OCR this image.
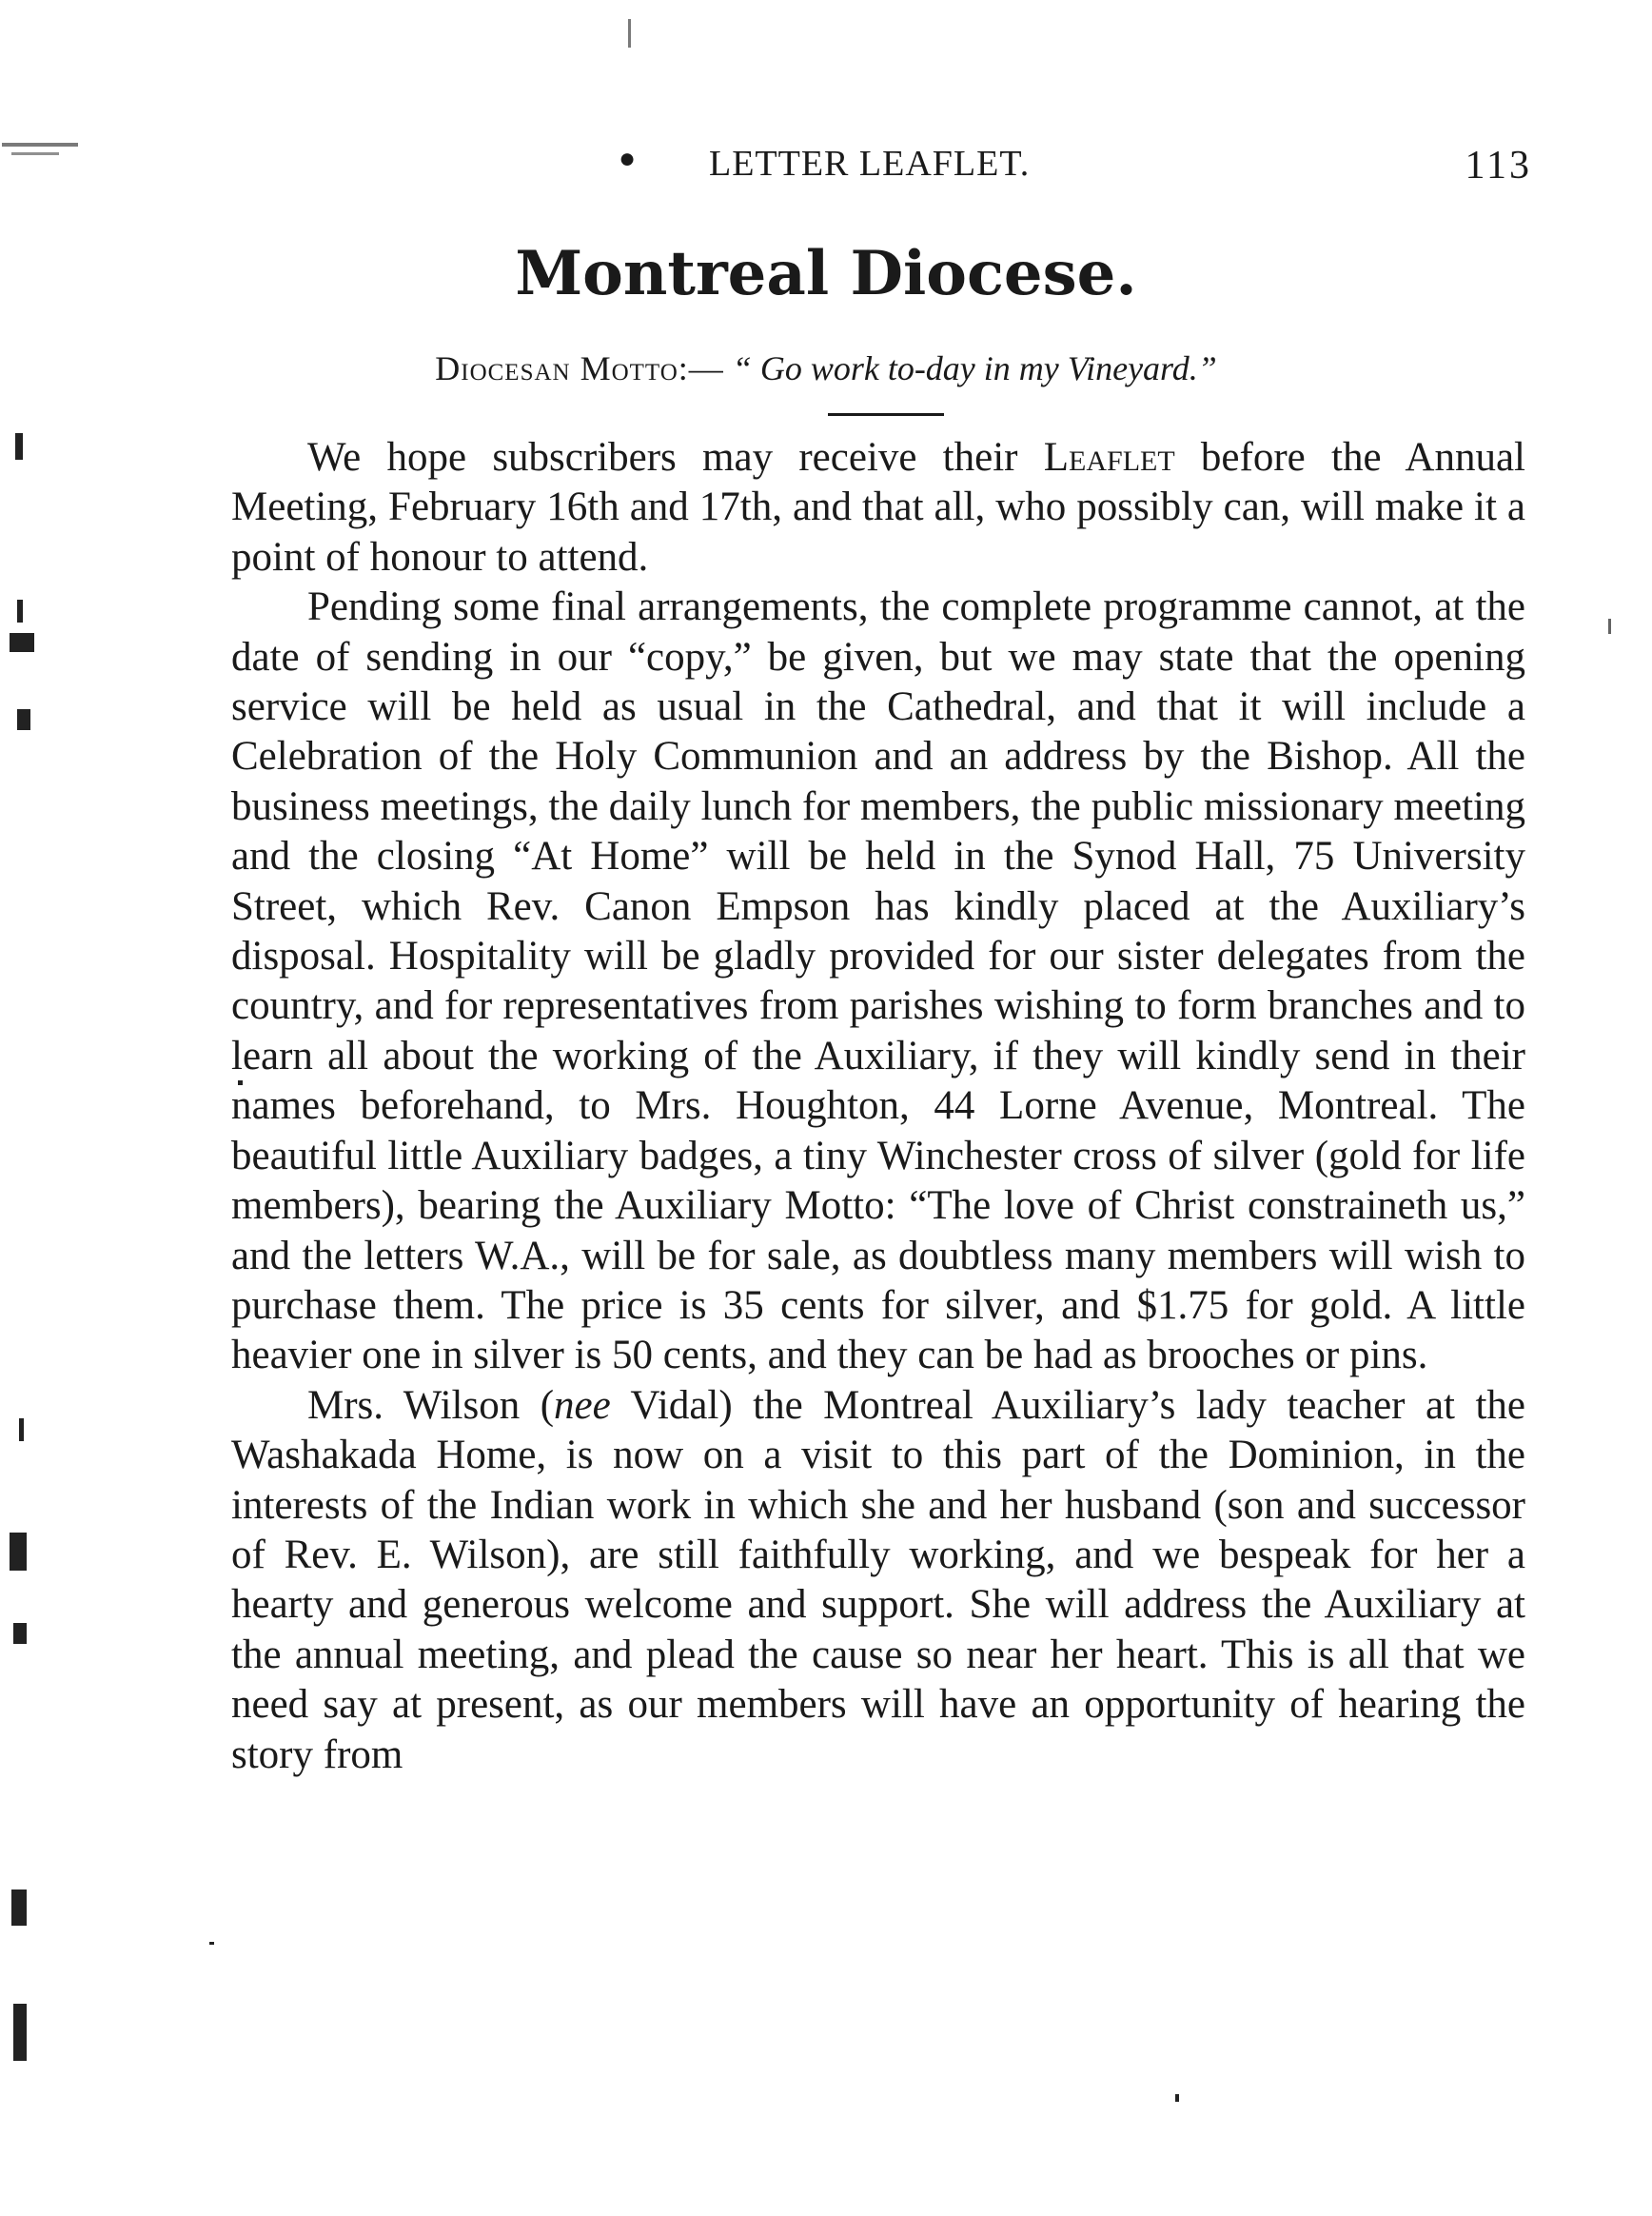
● LETTER LEAFLET.	113
Montreal Diocese.
Diocesan Motto:— “ Go work to-day in my Vineyard.”

We hope subscribers may receive their Leaflet before the Annual Meeting, February 16th and 17th, and that all, who possibly can, will make it a point of honour to attend.

Pending some final arrangements, the complete programme cannot, at the date of sending in our “copy,” be given, but we may state that the opening service will be held as usual in the Cathedral, and that it will include a Celebration of the Holy Communion and an address by the Bishop. All the business meetings, the daily lunch for members, the public missionary meeting and the closing “At Home” will be held in the Synod Hall, 75 University Street, which Rev. Canon Empson has kindly placed at the Auxiliary’s disposal. Hospitality will be gladly provided for our sister delegates from the country, and for representatives from parishes wishing to form branches and to learn all about the working of the Auxiliary, if they will kindly send in their names beforehand, to Mrs. Houghton, 44 Lorne Avenue, Montreal. The beautiful little Auxiliary badges, a tiny Winchester cross of silver (gold for life members), bearing the Auxiliary Motto: “The love of Christ constraineth us,” and the letters W.A., will be for sale, as doubtless many members will wish to purchase them. The price is 35 cents for silver, and $1.75 for gold. A little heavier one in silver is 50 cents, and they can be had as brooches or pins.

Mrs. Wilson (nee Vidal) the Montreal Auxiliary’s lady teacher at the Washakada Home, is now on a visit to this part of the Dominion, in the interests of the Indian work in which she and her husband (son and successor of Rev. E. Wilson), are still faithfully working, and we bespeak for her a hearty and generous welcome and support. She will address the Auxiliary at the annual meeting, and plead the cause so near her heart. This is all that we need say at present, as our members will have an opportunity of hearing the story from
